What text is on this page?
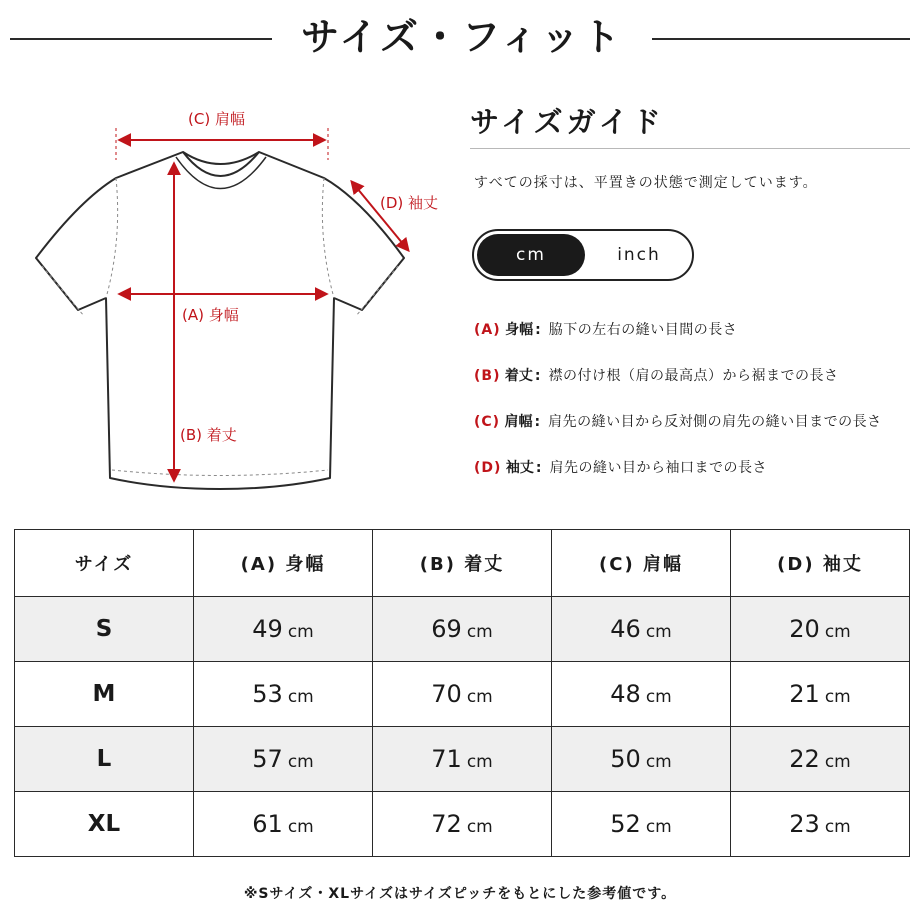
サイズ・フィット
(C) 肩幅
(D) 袖丈
(A) 身幅
(B) 着丈
サイズガイド
すべての採寸は、平置きの状態で測定しています。
cm	inch
(A) 身幅 : 脇下の左右の縫い目間の長さ
(B) 着丈 : 襟の付け根（肩の最高点）から裾までの長さ
(C) 肩幅 : 肩先の縫い目から反対側の肩先の縫い目までの長さ
(D) 袖丈 : 肩先の縫い目から袖口までの長さ
サイズ	(A) 身幅	(B) 着丈	(C) 肩幅	(D) 袖丈
S	49 cm	69 cm	46 cm	20 cm
M	53 cm	70 cm	48 cm	21 cm
L	57 cm	71 cm	50 cm	22 cm
XL	61 cm	72 cm	52 cm	23 cm
※Sサイズ・XLサイズはサイズピッチをもとにした参考値です。
